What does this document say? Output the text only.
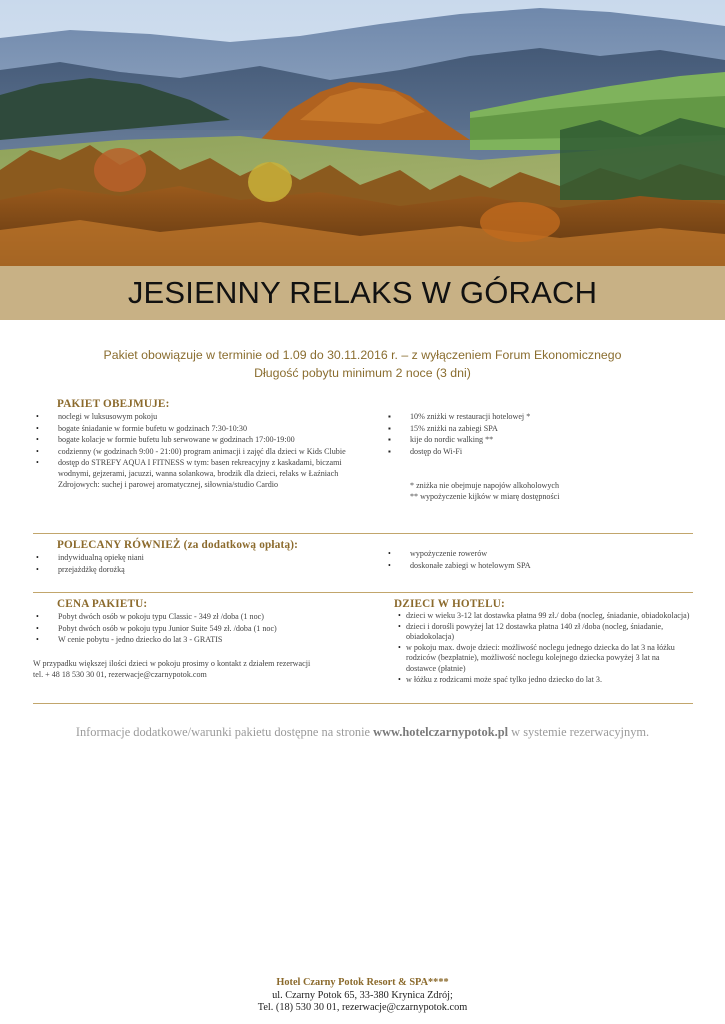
JESIENNY RELAKS W GÓRACH
Pakiet obowiązuje w terminie od 1.09 do 30.11.2016 r. – z wyłączeniem Forum Ekonomicznego
Długość pobytu minimum 2 noce (3 dni)
PAKIET OBEJMUJE:
• noclegi w luksusowym pokoju
• bogate śniadanie w formie bufetu w godzinach 7:30-10:30
• bogate kolacje w formie bufetu lub serwowane w godzinach 17:00-19:00
• codzienny (w godzinach 9:00 - 21:00) program animacji i zajęć dla dzieci w Kids Clubie
• dostęp do STREFY AQUA I FITNESS w tym: basen rekreacyjny z kaskadami, biczami wodnymi, gejzerami, jacuzzi, wanna solankowa, brodzik dla dzieci, relaks w Łaźniach Zdrojowych: suchej i parowej aromatycznej, siłownia/studio Cardio
▪ 10% zniżki w restauracji hotelowej *
▪ 15% zniżki na zabiegi SPA
▪ kije do nordic walking **
▪ dostęp do Wi-Fi
* zniżka nie obejmuje napojów alkoholowych
** wypożyczenie kijków w miarę dostępności
POLECANY RÓWNIEŻ (za dodatkową opłatą):
• indywidualną opiekę niani
• przejażdżkę dorożką
• wypożyczenie rowerów
• doskonałe zabiegi w hotelowym SPA
CENA PAKIETU:
• Pobyt dwóch osób w pokoju typu Classic - 349 zł /doba (1 noc)
• Pobyt dwóch osób w pokoju typu Junior Suite 549 zł. /doba (1 noc)
• W cenie pobytu - jedno dziecko do lat 3 - GRATIS
W przypadku większej ilości dzieci w pokoju prosimy o kontakt z działem rezerwacji
tel. + 48 18 530 30 01, rezerwacje@czarnypotok.com
DZIECI W HOTELU:
• dzieci w wieku 3-12 lat dostawka płatna 99 zł./ doba (nocleg, śniadanie, obiadokolacja)
• dzieci i dorośli powyżej lat 12 dostawka płatna 140 zł /doba (nocleg, śniadanie, obiadokolacja)
• w pokoju max. dwoje dzieci: możliwość noclegu jednego dziecka do lat 3 na łóżku rodziców (bezpłatnie), możliwość noclegu kolejnego dziecka powyżej 3 lat na dostawce (płatnie)
• w łóżku z rodzicami może spać tylko jedno dziecko do lat 3.
Informacje dodatkowe/warunki pakietu dostępne na stronie www.hotelczarnypotok.pl w systemie rezerwacyjnym.
Hotel Czarny Potok Resort & SPA****
ul. Czarny Potok 65, 33-380 Krynica Zdrój;
Tel. (18) 530 30 01, rezerwacje@czarnypotok.com
